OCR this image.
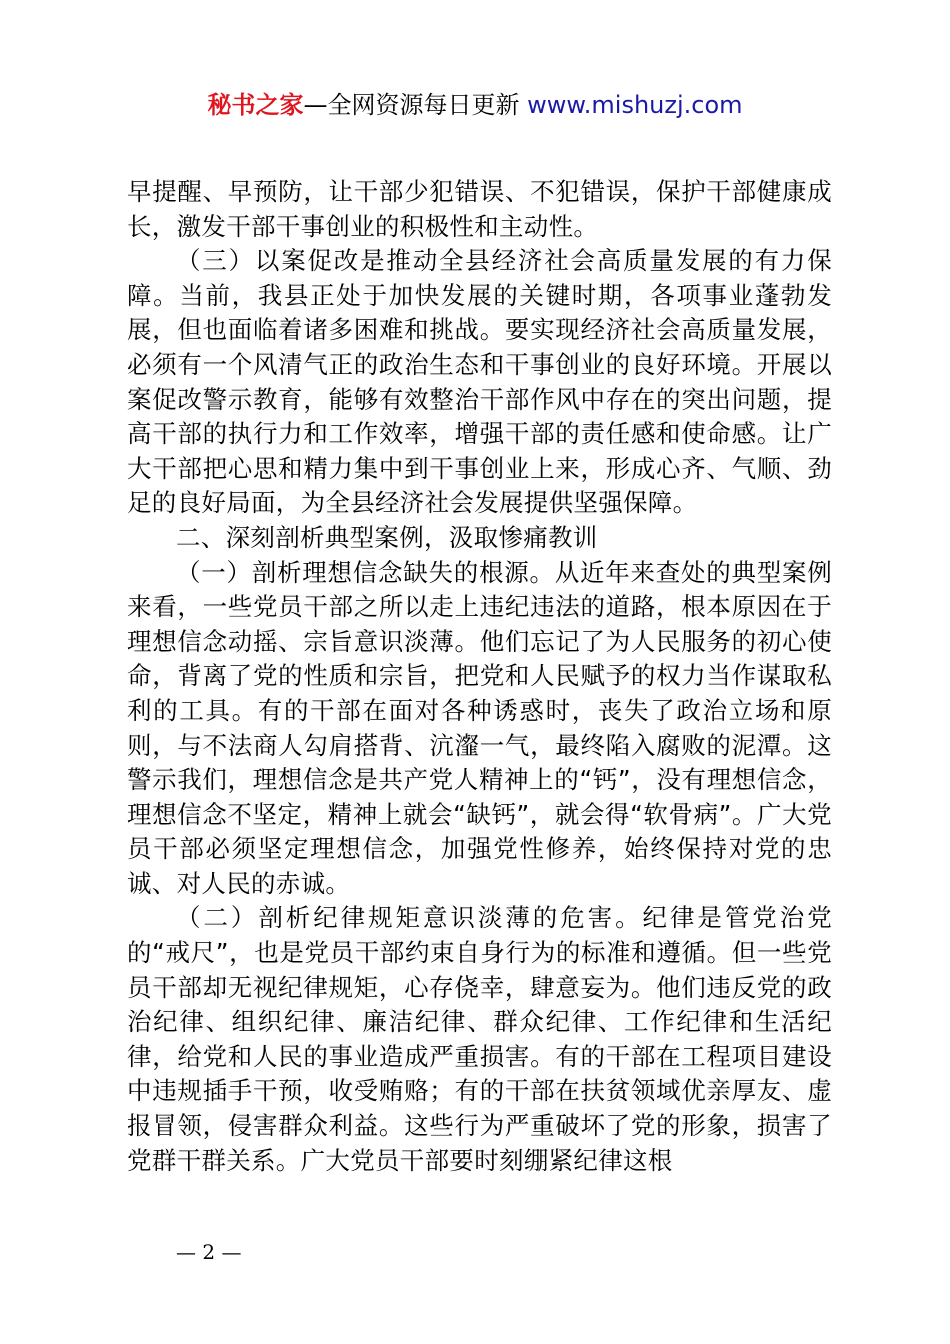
秘书之家—全网资源每日更新 www.mishuzj.com

早提醒、早预防，让干部少犯错误、不犯错误，保护干部健康成长，激发干部干事创业的积极性和主动性。

（三）以案促改是推动全县经济社会高质量发展的有力保障。当前，我县正处于加快发展的关键时期，各项事业蓬勃发展，但也面临着诸多困难和挑战。要实现经济社会高质量发展，必须有一个风清气正的政治生态和干事创业的良好环境。开展以案促改警示教育，能够有效整治干部作风中存在的突出问题，提高干部的执行力和工作效率，增强干部的责任感和使命感。让广大干部把心思和精力集中到干事创业上来，形成心齐、气顺、劲足的良好局面，为全县经济社会发展提供坚强保障。

二、深刻剖析典型案例，汲取惨痛教训

（一）剖析理想信念缺失的根源。从近年来查处的典型案例来看，一些党员干部之所以走上违纪违法的道路，根本原因在于理想信念动摇、宗旨意识淡薄。他们忘记了为人民服务的初心使命，背离了党的性质和宗旨，把党和人民赋予的权力当作谋取私利的工具。有的干部在面对各种诱惑时，丧失了政治立场和原则，与不法商人勾肩搭背、沆瀣一气，最终陷入腐败的泥潭。这警示我们，理想信念是共产党人精神上的“钙”，没有理想信念，理想信念不坚定，精神上就会“缺钙”，就会得“软骨病”。广大党员干部必须坚定理想信念，加强党性修养，始终保持对党的忠诚、对人民的赤诚。

（二）剖析纪律规矩意识淡薄的危害。纪律是管党治党的“戒尺”，也是党员干部约束自身行为的标准和遵循。但一些党员干部却无视纪律规矩，心存侥幸，肆意妄为。他们违反党的政治纪律、组织纪律、廉洁纪律、群众纪律、工作纪律和生活纪律，给党和人民的事业造成严重损害。有的干部在工程项目建设中违规插手干预，收受贿赂；有的干部在扶贫领域优亲厚友、虚报冒领，侵害群众利益。这些行为严重破坏了党的形象，损害了党群干群关系。广大党员干部要时刻绷紧纪律这根

— 2 —
